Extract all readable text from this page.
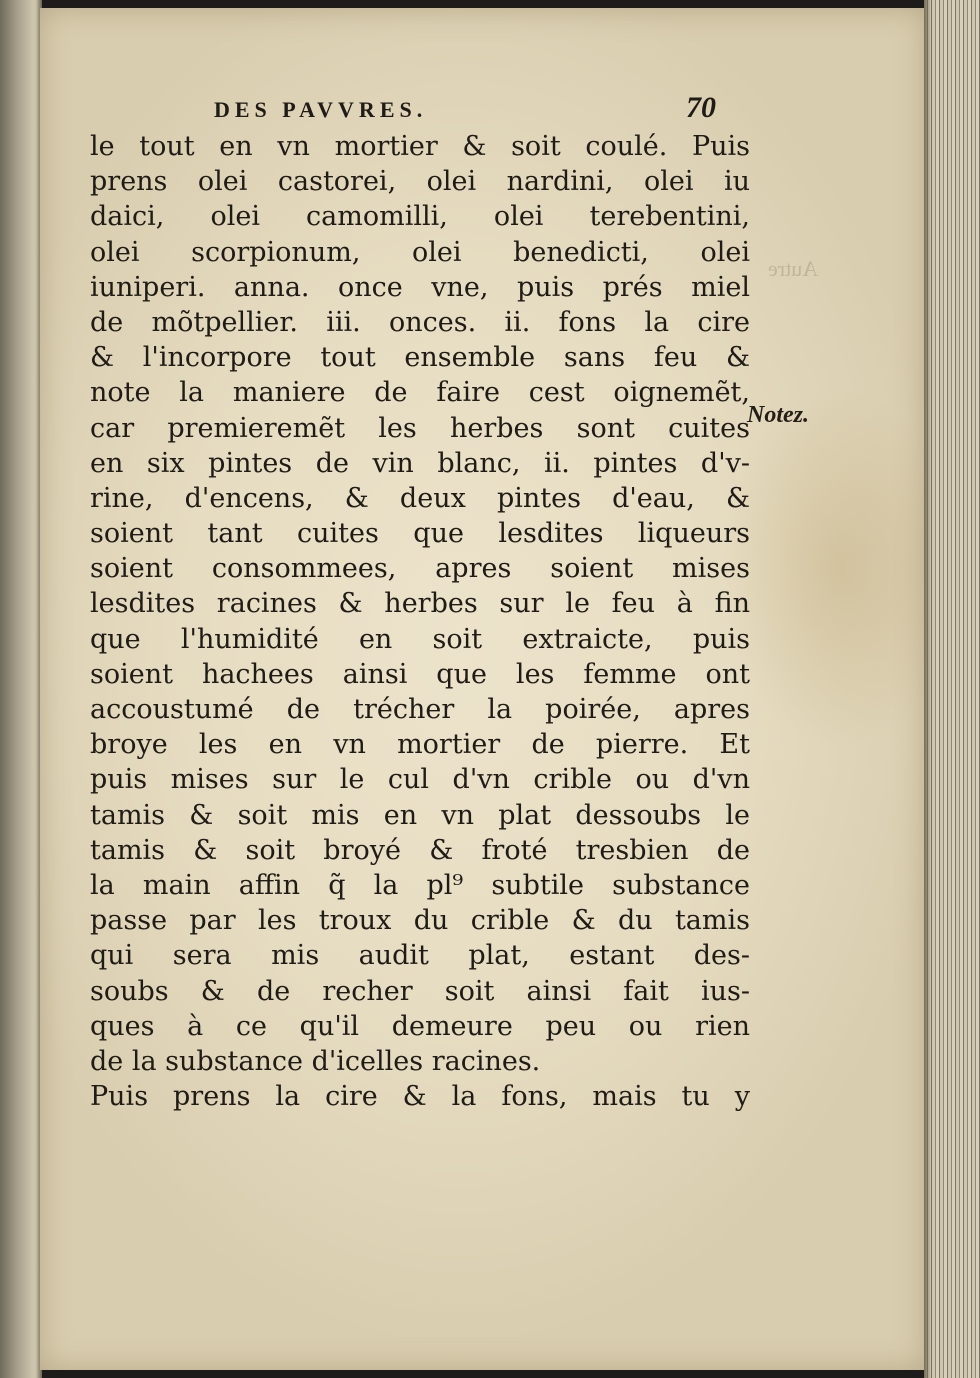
Autre
DES PAVVRES.	70
le tout en vn mortier & soit coulé. Puis
prens olei castorei, olei nardini, olei iu
daici, olei camomilli, olei terebentini,
olei scorpionum, olei benedicti, olei
iuniperi. anna. once vne, puis prés miel
de mõtpellier. iii. onces. ii. fons la cire
& l'incorpore tout ensemble sans feu &
note la maniere de faire cest oignemẽt,
car premieremẽt les herbes sont cuites
en six pintes de vin blanc, ii. pintes d'v-
rine, d'encens, & deux pintes d'eau, &
soient tant cuites que lesdites liqueurs
soient consommees, apres soient mises
lesdites racines & herbes sur le feu à fin
que l'humidité en soit extraicte, puis
soient hachees ainsi que les femme ont
accoustumé de trécher la poirée, apres
broye les en vn mortier de pierre. Et
puis mises sur le cul d'vn crible ou d'vn
tamis & soit mis en vn plat dessoubs le
tamis & soit broyé & froté tresbien de
la main affin q̃ la pl⁹ subtile substance
passe par les troux du crible & du tamis
qui sera mis audit plat, estant des-
soubs & de recher soit ainsi fait ius-
ques à ce qu'il demeure peu ou rien
de la substance d'icelles racines.
Puis prens la cire & la fons, mais tu y
Notez.
